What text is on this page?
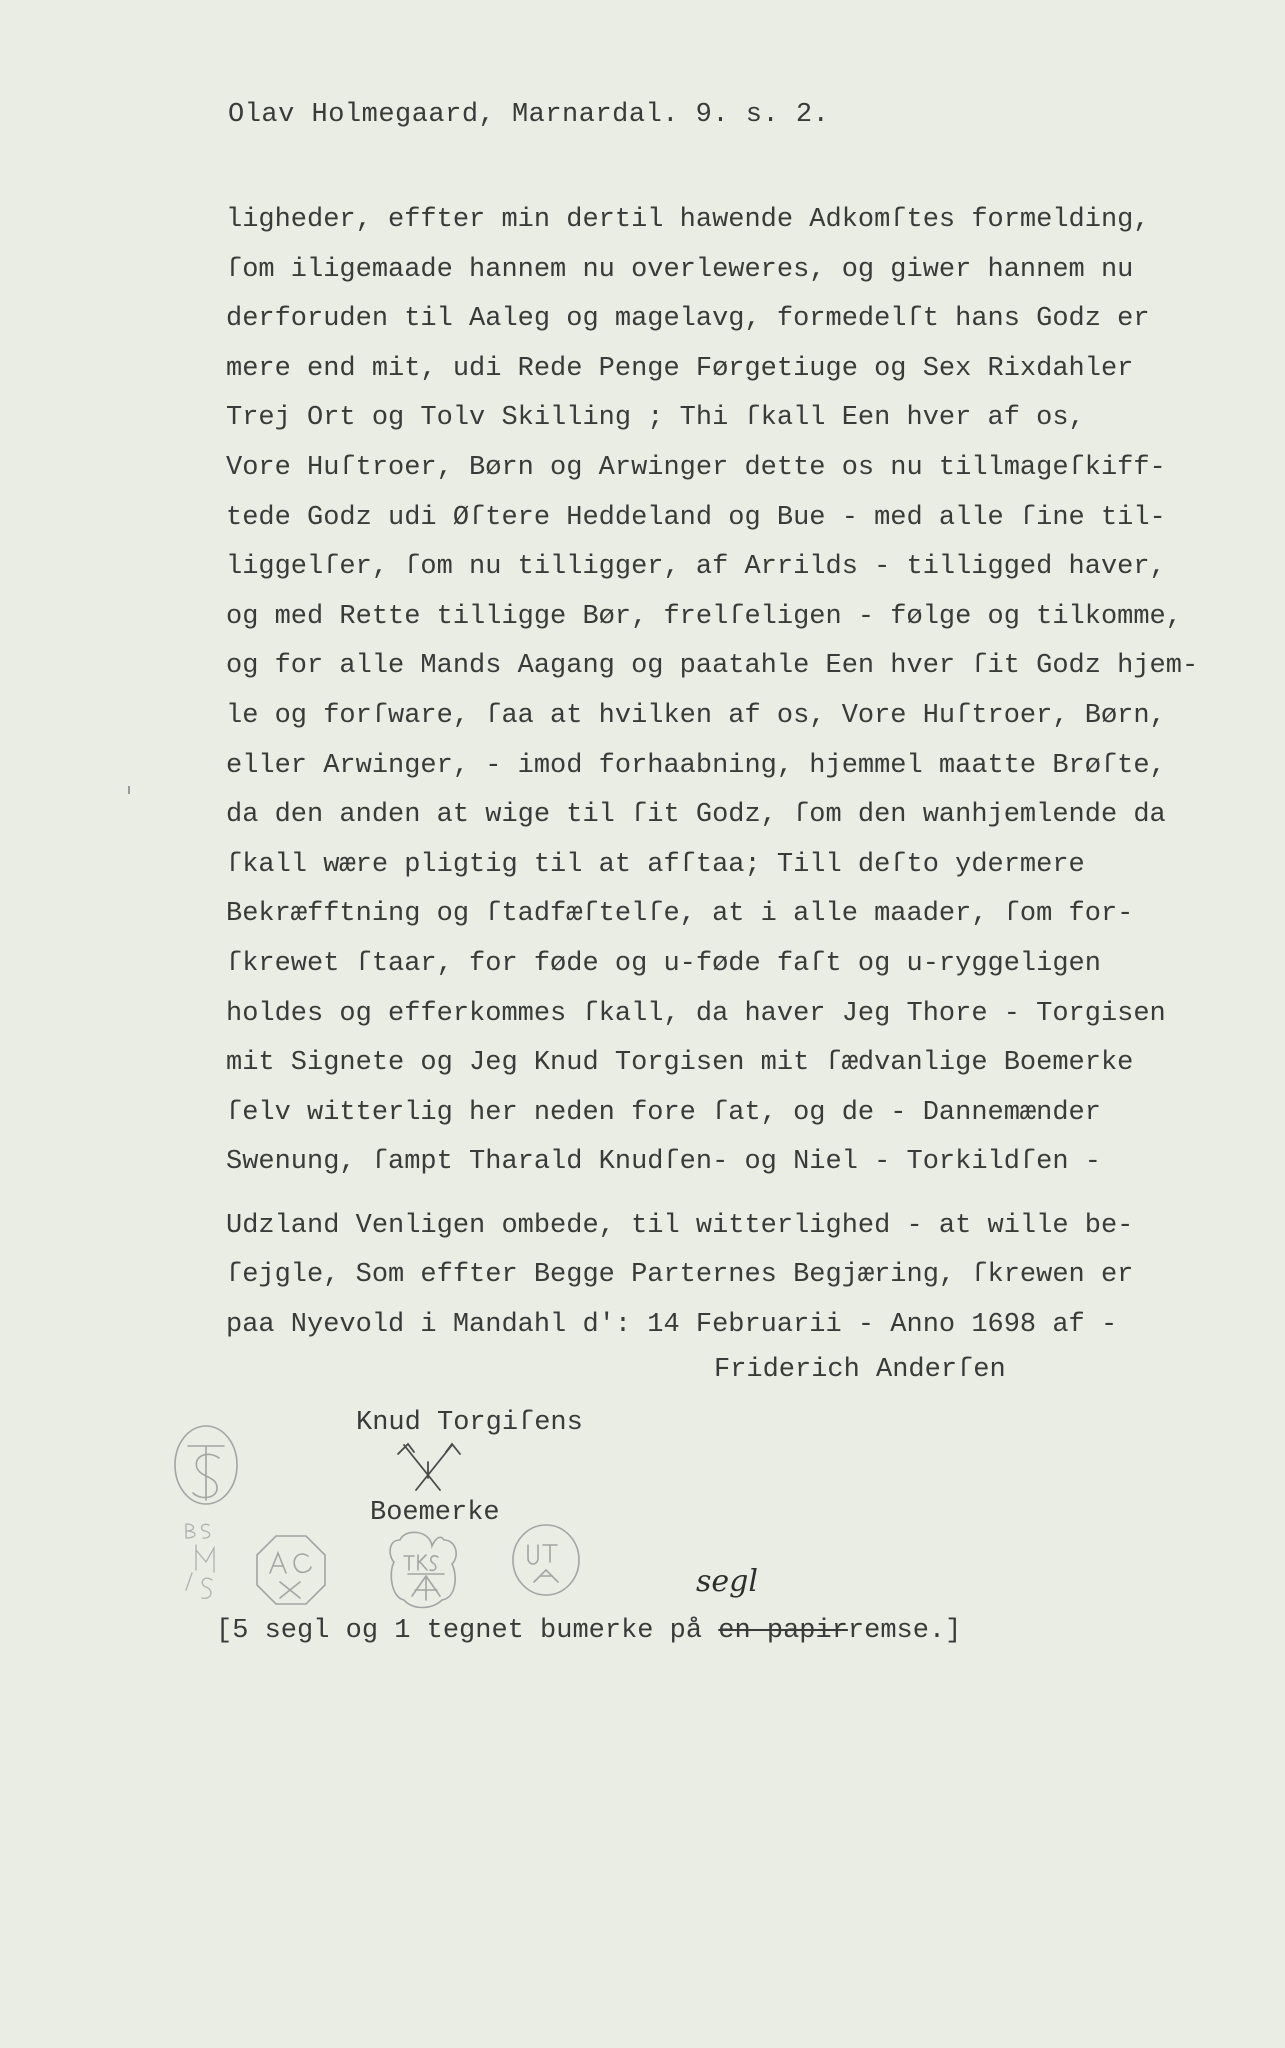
Olav Holmegaard, Marnardal. 9. s. 2.
ligheder, effter min dertil hawende Adkomſtes formelding,
ſom iligemaade hannem nu overleweres, og giwer hannem nu
derforuden til Aaleg og magelavg, formedelſt hans Godz er
mere end mit, udi Rede Penge Førgetiuge og Sex Rixdahler
Trej Ort og Tolv Skilling ; Thi ſkall Een hver af os,
Vore Huſtroer, Børn og Arwinger dette os nu tillmageſkiff-
tede Godz udi Øſtere Heddeland og Bue - med alle ſine til-
liggelſer, ſom nu tilligger, af Arrilds - tilligged haver,
og med Rette tilligge Bør, frelſeligen - følge og tilkomme,
og for alle Mands Aagang og paatahle Een hver ſit Godz hjem-
le og forſware, ſaa at hvilken af os, Vore Huſtroer, Børn,
eller Arwinger, - imod forhaabning, hjemmel maatte Brøſte,
da den anden at wige til ſit Godz, ſom den wanhjemlende da
ſkall wære pligtig til at afſtaa; Till deſto ydermere
Bekræfftning og ſtadfæſtelſe, at i alle maader, ſom for-
ſkrewet ſtaar, for føde og u-føde faſt og u-ryggeligen
holdes og efferkommes ſkall, da haver Jeg Thore - Torgisen
mit Signete og Jeg Knud Torgisen mit ſædvanlige Boemerke
ſelv witterlig her neden fore ſat, og de - Dannemænder
Swenung, ſampt Tharald Knudſen- og Niel - Torkildſen -
Udzland Venligen ombede, til witterlighed - at wille be-
ſejgle, Som effter Begge Parternes Begjæring, ſkrewen er
paa Nyevold i Mandahl d': 14 Februarii - Anno 1698 af -
Friderich Anderſen
Knud Torgiſens
Boemerke
[5 segl og 1 tegnet bumerke på en papirremse.]
segl
